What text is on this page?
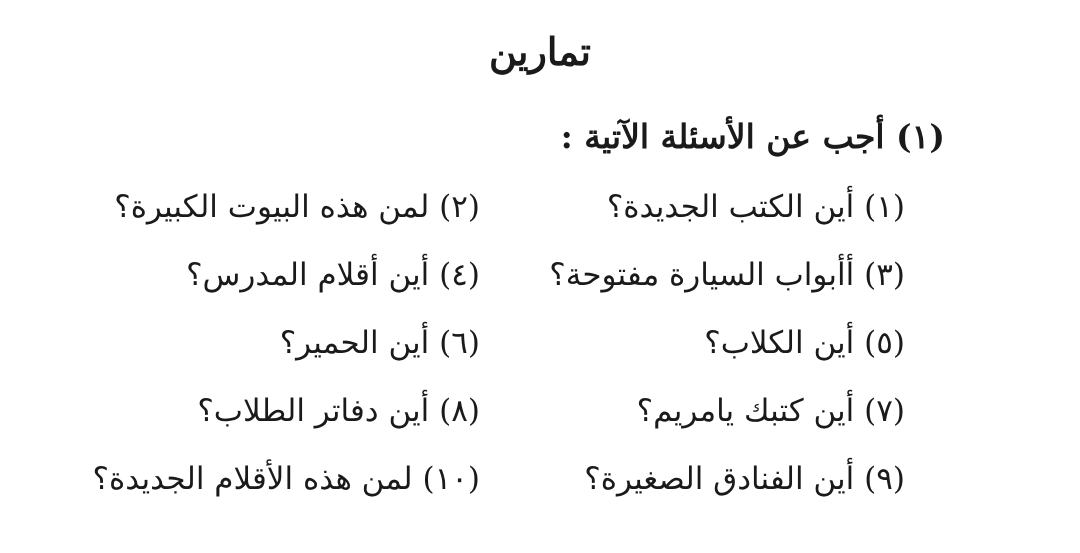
تمارين
(١) أجب عن الأسئلة الآتية :
(١) أين الكتب الجديدة؟
(٢) لمن هذه البيوت الكبيرة؟
(٣) أأبواب السيارة مفتوحة؟
(٤) أين أقلام المدرس؟
(٥) أين الكلاب؟
(٦) أين الحمير؟
(٧) أين كتبك يامريم؟
(٨) أين دفاتر الطلاب؟
(٩) أين الفنادق الصغيرة؟
(١٠) لمن هذه الأقلام الجديدة؟
